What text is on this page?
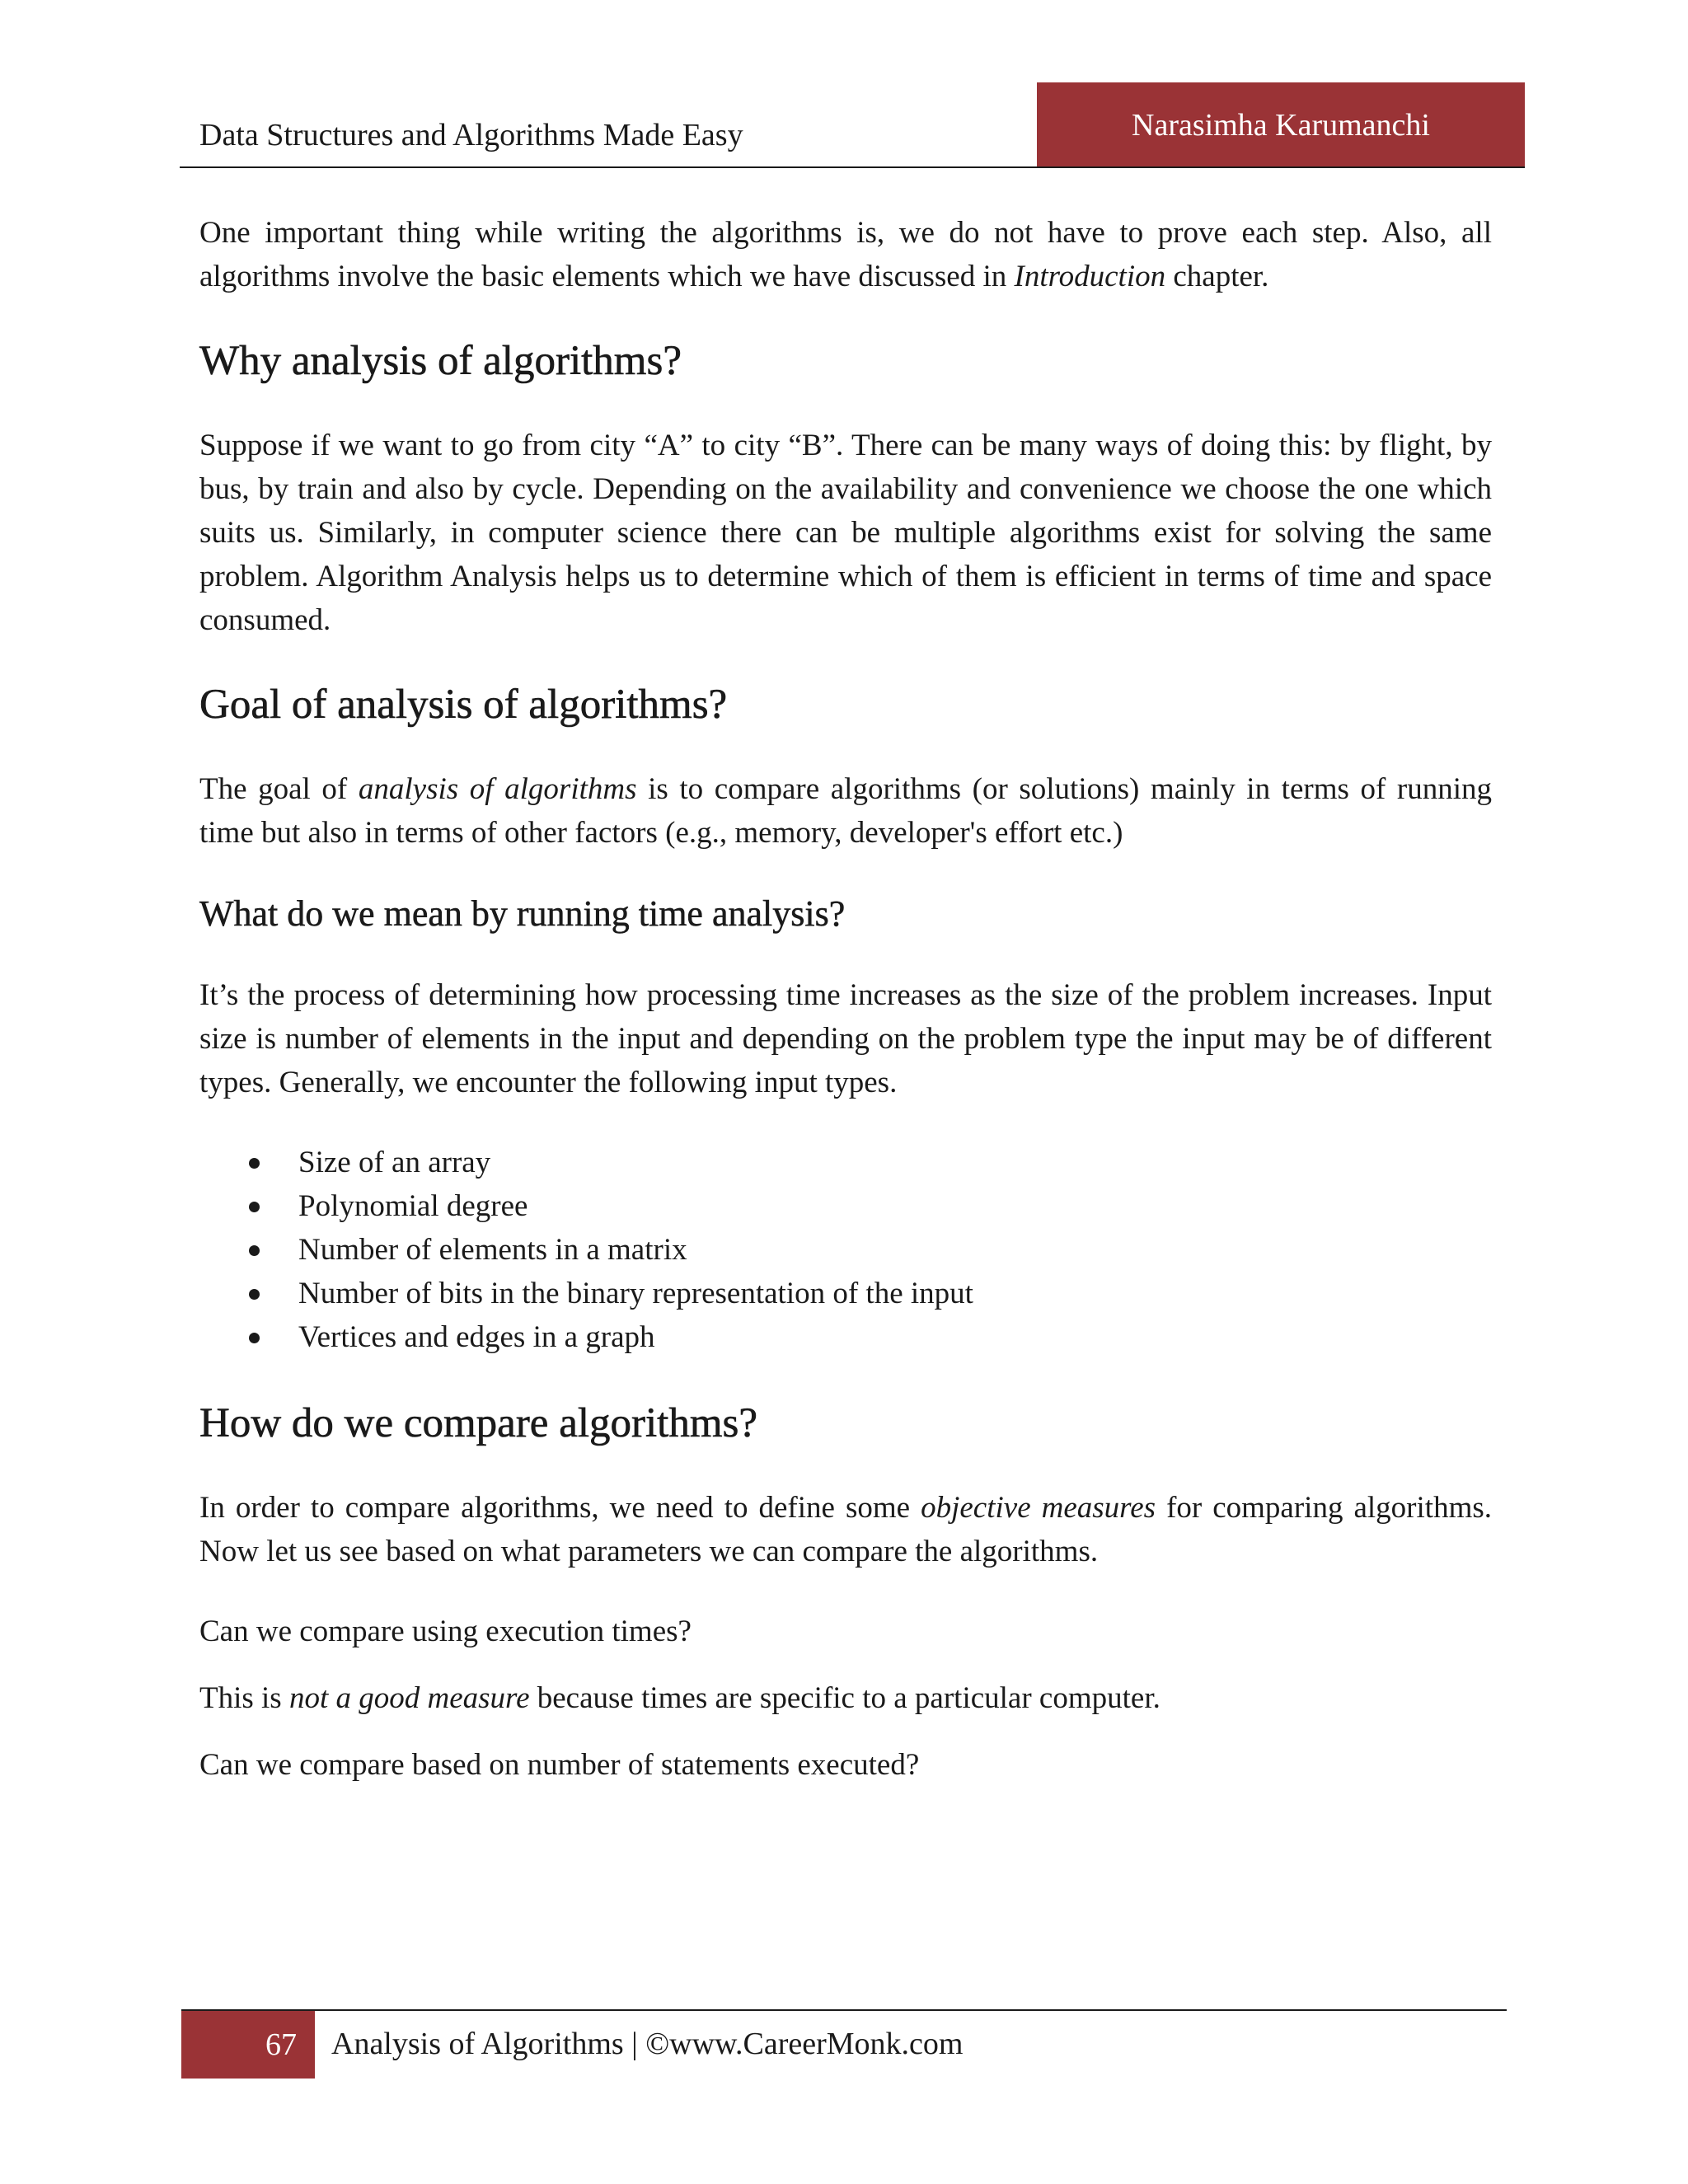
Data Structures and Algorithms Made Easy	Narasimha Karumanchi

One important thing while writing the algorithms is, we do not have to prove each step. Also, all algorithms involve the basic elements which we have discussed in Introduction chapter.

Why analysis of algorithms?

Suppose if we want to go from city “A” to city “B”. There can be many ways of doing this: by flight, by bus, by train and also by cycle. Depending on the availability and convenience we choose the one which suits us. Similarly, in computer science there can be multiple algorithms exist for solving the same problem. Algorithm Analysis helps us to determine which of them is efficient in terms of time and space consumed.

Goal of analysis of algorithms?

The goal of analysis of algorithms is to compare algorithms (or solutions) mainly in terms of running time but also in terms of other factors (e.g., memory, developer's effort etc.)

What do we mean by running time analysis?

It’s the process of determining how processing time increases as the size of the problem increases. Input size is number of elements in the input and depending on the problem type the input may be of different types. Generally, we encounter the following input types.

Size of an array
Polynomial degree
Number of elements in a matrix
Number of bits in the binary representation of the input
Vertices and edges in a graph
How do we compare algorithms?

In order to compare algorithms, we need to define some objective measures for comparing algorithms. Now let us see based on what parameters we can compare the algorithms.

Can we compare using execution times?

This is not a good measure because times are specific to a particular computer.

Can we compare based on number of statements executed?

67 Analysis of Algorithms | ©www.CareerMonk.com
